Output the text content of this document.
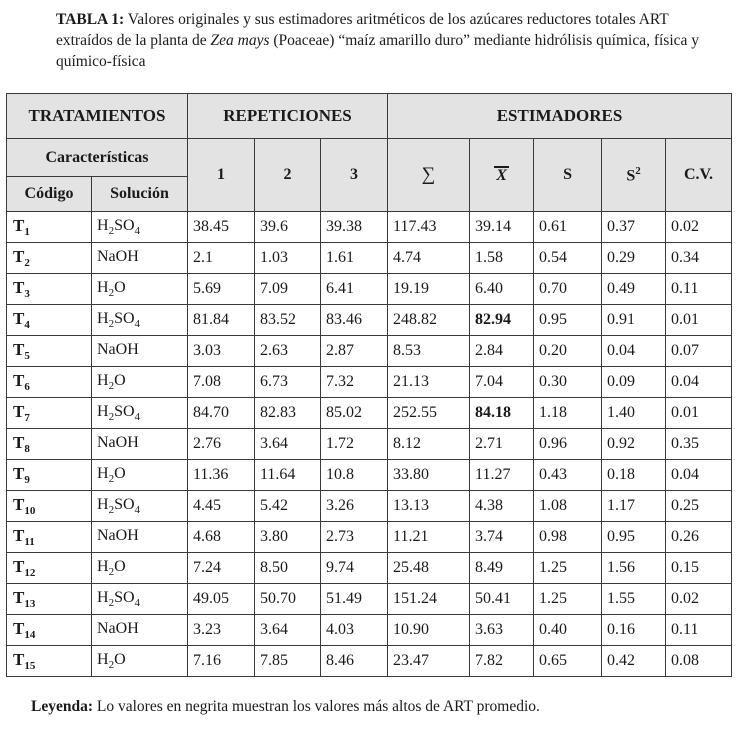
TABLA 1: Valores originales y sus estimadores aritméticos de los azúcares reductores totales ART extraídos de la planta de Zea mays (Poaceae) “maíz amarillo duro” mediante hidrólisis química, física y químico-física
TRATAMIENTOS		REPETICIONES			ESTIMADORES				
Características		1	2	3	∑	X	S	$S^2$	C.V.
Código	Solución								
$T_1$	$H_2SO_4$	38.45	39.6	39.38	117.43	39.14	0.61	0.37	0.02
$T_2$	NaOH	2.1	1.03	1.61	4.74	1.58	0.54	0.29	0.34
$T_3$	$H_2O$	5.69	7.09	6.41	19.19	6.40	0.70	0.49	0.11
$T_4$	$H_2SO_4$	81.84	83.52	83.46	248.82	82.94	0.95	0.91	0.01
$T_5$	NaOH	3.03	2.63	2.87	8.53	2.84	0.20	0.04	0.07
$T_6$	$H_2O$	7.08	6.73	7.32	21.13	7.04	0.30	0.09	0.04
$T_7$	$H_2SO_4$	84.70	82.83	85.02	252.55	84.18	1.18	1.40	0.01
$T_8$	NaOH	2.76	3.64	1.72	8.12	2.71	0.96	0.92	0.35
$T_9$	$H_2O$	11.36	11.64	10.8	33.80	11.27	0.43	0.18	0.04
$T_{10}$	$H_2SO_4$	4.45	5.42	3.26	13.13	4.38	1.08	1.17	0.25
$T_{11}$	NaOH	4.68	3.80	2.73	11.21	3.74	0.98	0.95	0.26
$T_{12}$	$H_2O$	7.24	8.50	9.74	25.48	8.49	1.25	1.56	0.15
$T_{13}$	$H_2SO_4$	49.05	50.70	51.49	151.24	50.41	1.25	1.55	0.02
$T_{14}$	NaOH	3.23	3.64	4.03	10.90	3.63	0.40	0.16	0.11
$T_{15}$	$H_2O$	7.16	7.85	8.46	23.47	7.82	0.65	0.42	0.08
Leyenda: Lo valores en negrita muestran los valores más altos de ART promedio.
